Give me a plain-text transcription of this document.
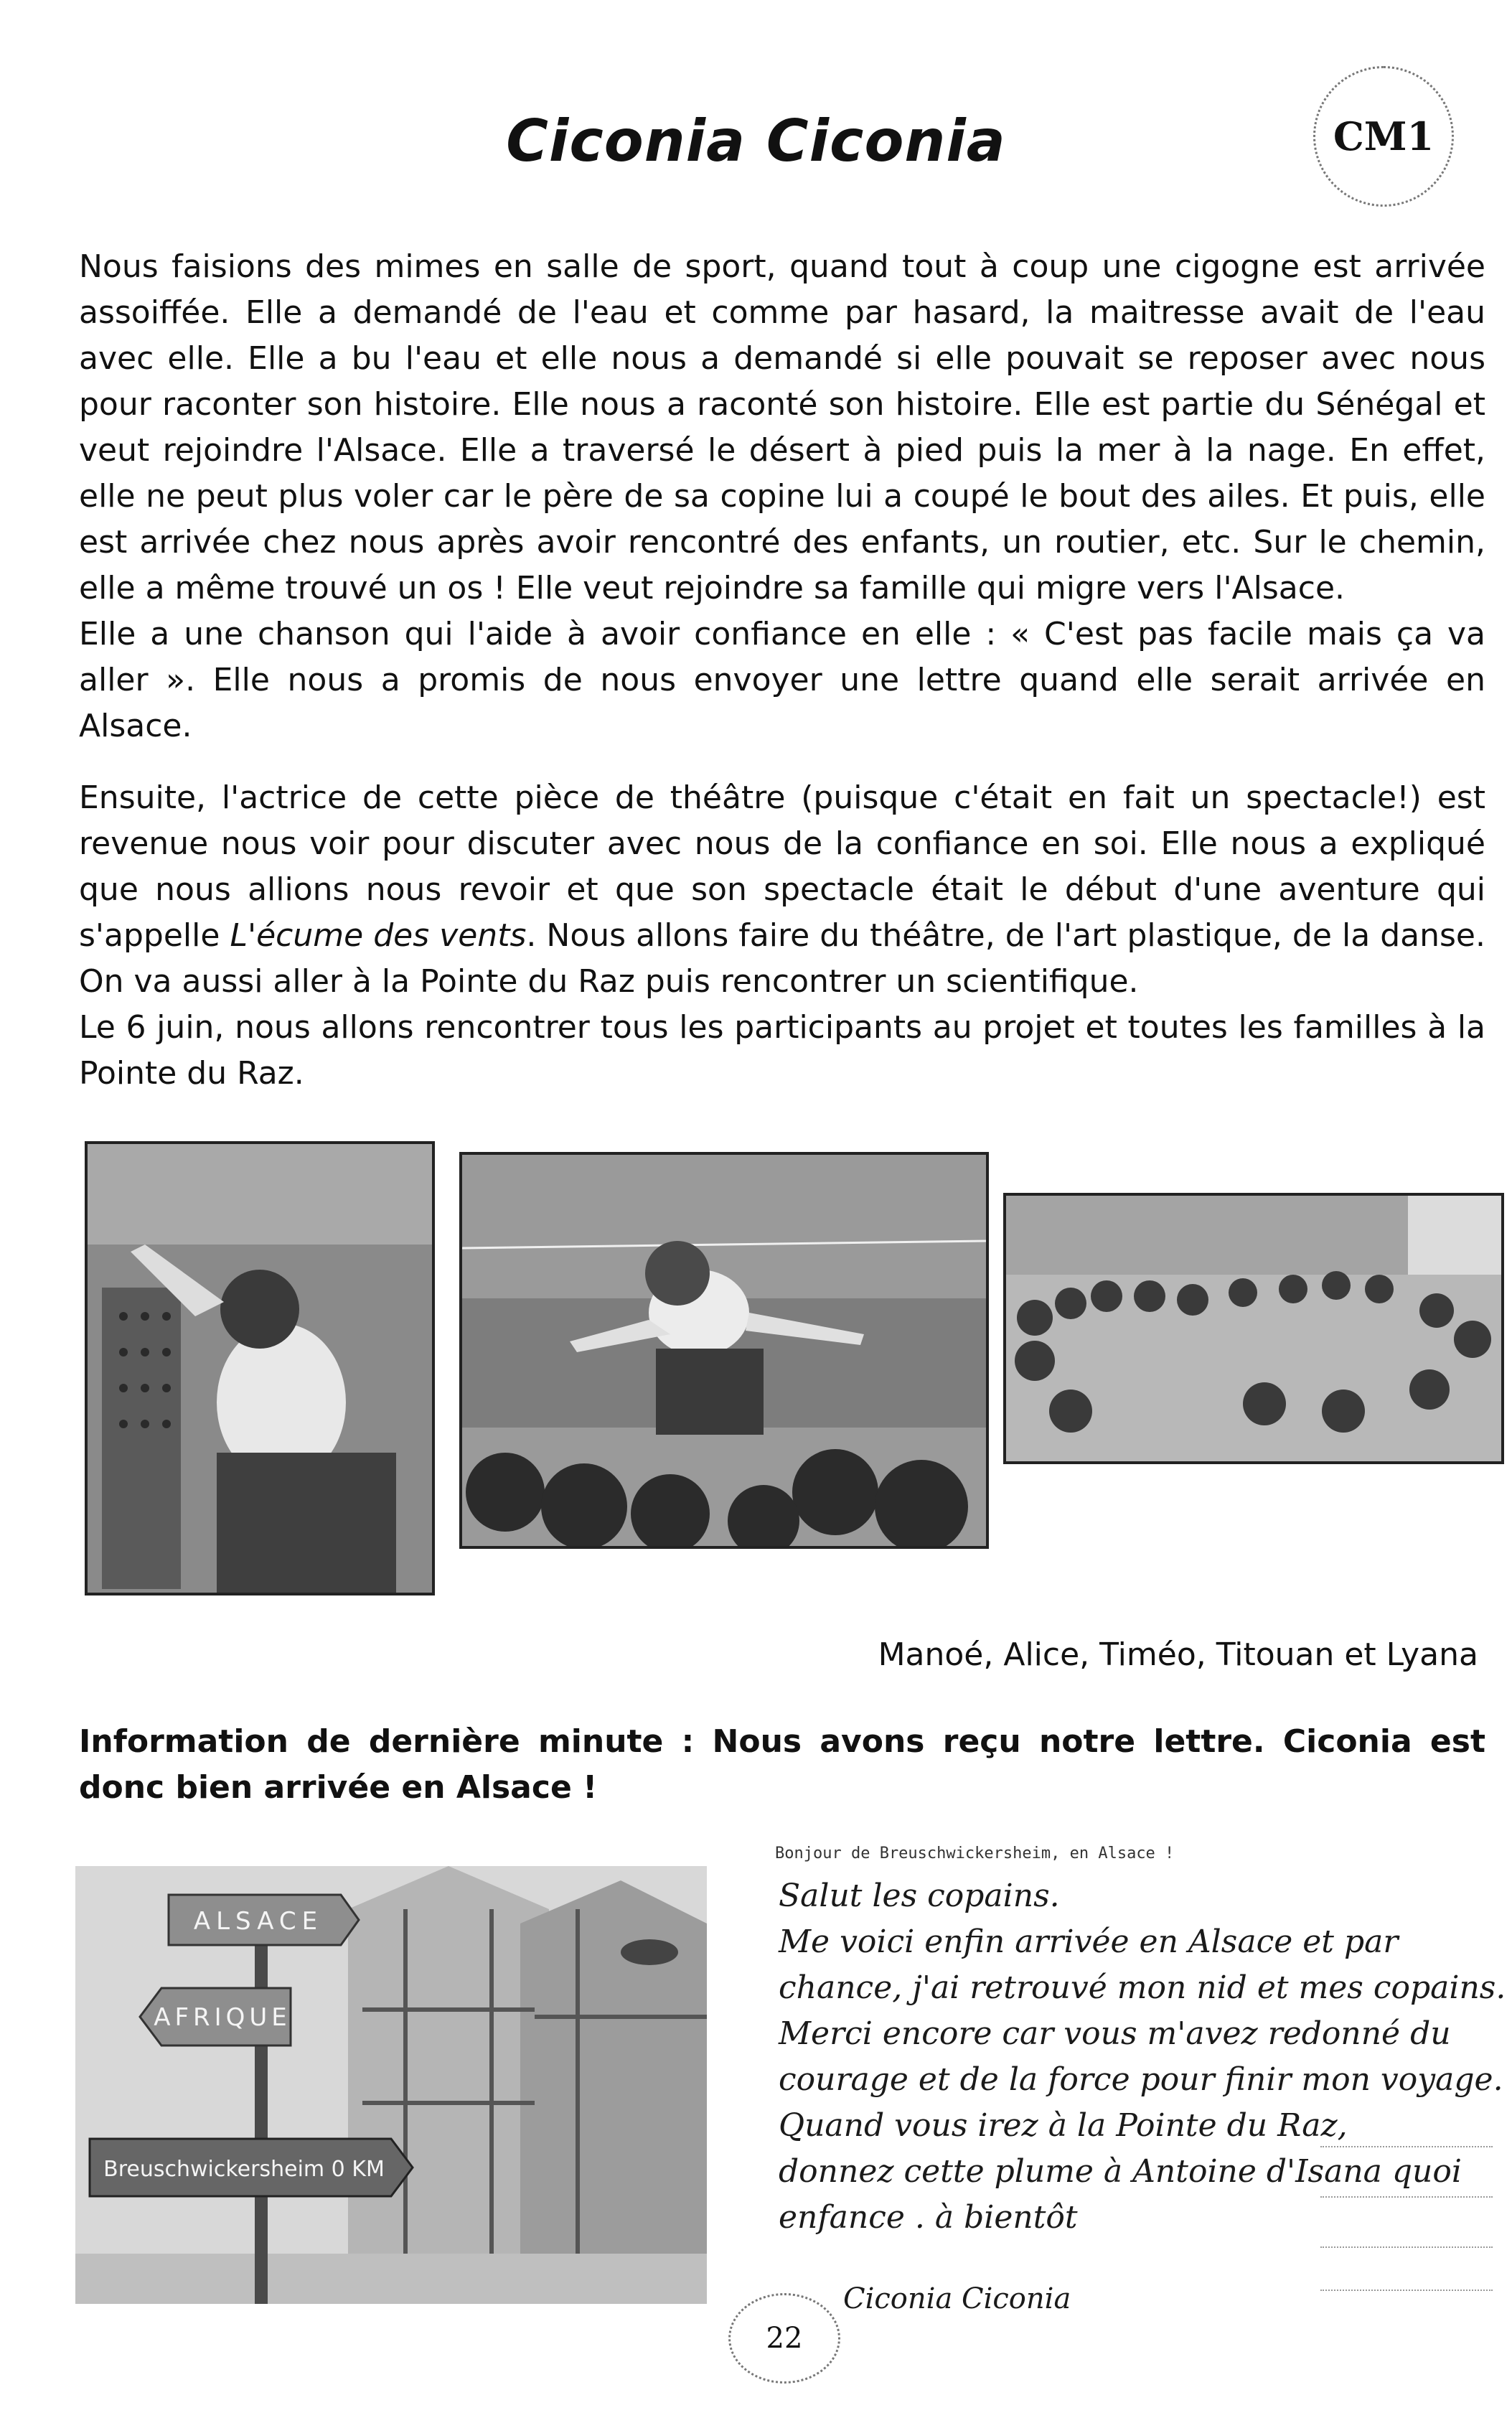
Ciconia Ciconia	CM1

Nous faisions des mimes en salle de sport, quand tout à coup une cigogne est arrivée assoiffée. Elle a demandé de l'eau et comme par hasard, la maitresse avait de l'eau avec elle. Elle a bu l'eau et elle nous a demandé si elle pouvait se reposer avec nous pour raconter son histoire. Elle nous a raconté son histoire. Elle est partie du Sénégal et veut rejoindre l'Alsace. Elle a traversé le désert à pied puis la mer à la nage. En effet, elle ne peut plus voler car le père de sa copine lui a coupé le bout des ailes. Et puis, elle est arrivée chez nous après avoir rencontré des enfants, un routier, etc. Sur le chemin, elle a même trouvé un os ! Elle veut rejoindre sa famille qui migre vers l'Alsace.

Elle a une chanson qui l'aide à avoir confiance en elle : « C'est pas facile mais ça va aller ». Elle nous a promis de nous envoyer une lettre quand elle serait arrivée en Alsace.

Ensuite, l'actrice de cette pièce de théâtre (puisque c'était en fait un spectacle!) est revenue nous voir pour discuter avec nous de la confiance en soi. Elle nous a expliqué que nous allions nous revoir et que son spectacle était le début d'une aventure qui s'appelle L'écume des vents. Nous allons faire du théâtre, de l'art plastique, de la danse. On va aussi aller à la Pointe du Raz puis rencontrer un scientifique.

Le 6 juin, nous allons rencontrer tous les participants au projet et toutes les familles à la Pointe du Raz.

Manoé, Alice, Timéo, Titouan et Lyana
Information de dernière minute : Nous avons reçu notre lettre. Ciconia est donc bien arrivée en Alsace !
ALSACE
AFRIQUE
Breuschwickersheim 0 KM
Bonjour de Breuschwickersheim, en Alsace !
Salut les copains.
Me voici enfin arrivée en Alsace et par
chance, j'ai retrouvé mon nid et mes copains.
Merci encore car vous m'avez redonné du
courage et de la force pour finir mon voyage.
Quand vous irez à la Pointe du Raz,
donnez cette plume à Antoine d'Isana quoi
enfance . à bientôt
Ciconia Ciconia
22
